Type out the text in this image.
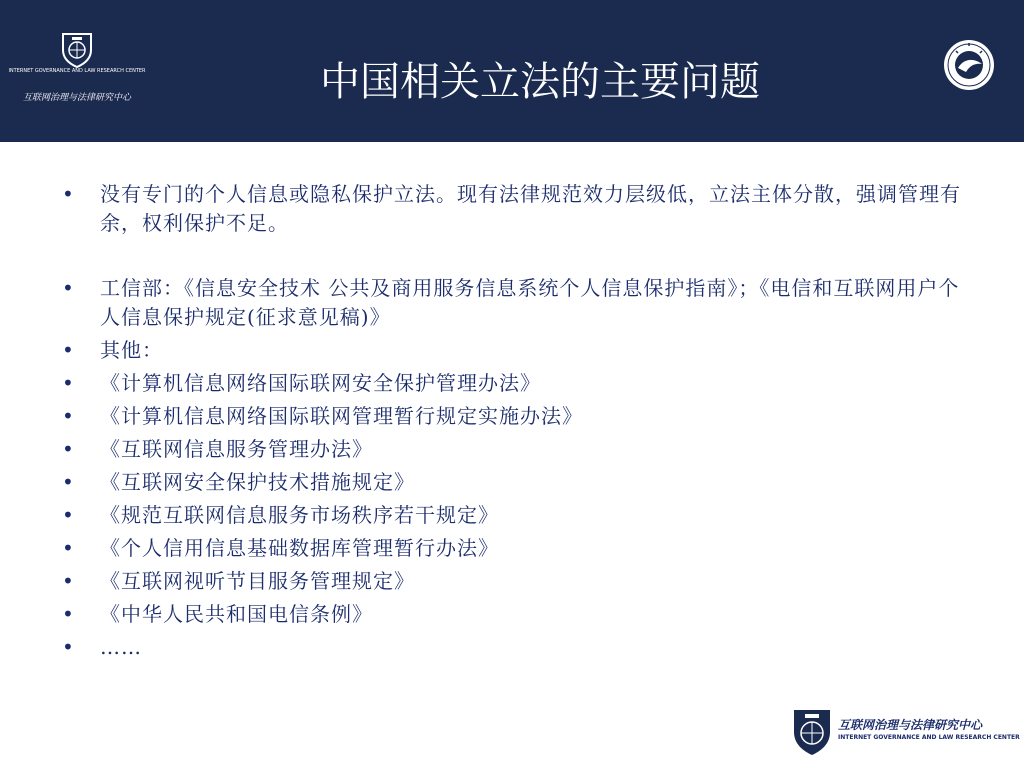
INTERNET GOVERNANCE AND LAW RESEARCH CENTER
互联网治理与法律研究中心	中国相关立法的主要问题
• 没有专门的个人信息或隐私保护立法。现有法律规范效力层级低，立法主体分散，强调管理有余，权利保护不足。
• 工信部：《信息安全技术 公共及商用服务信息系统个人信息保护指南》；《电信和互联网用户个人信息保护规定(征求意见稿)》
• 其他：
• 《计算机信息网络国际联网安全保护管理办法》
• 《计算机信息网络国际联网管理暂行规定实施办法》
• 《互联网信息服务管理办法》
• 《互联网安全保护技术措施规定》
• 《规范互联网信息服务市场秩序若干规定》
• 《个人信用信息基础数据库管理暂行办法》
• 《互联网视听节目服务管理规定》
• 《中华人民共和国电信条例》
• ……
互联网治理与法律研究中心
INTERNET GOVERNANCE AND LAW RESEARCH CENTER
